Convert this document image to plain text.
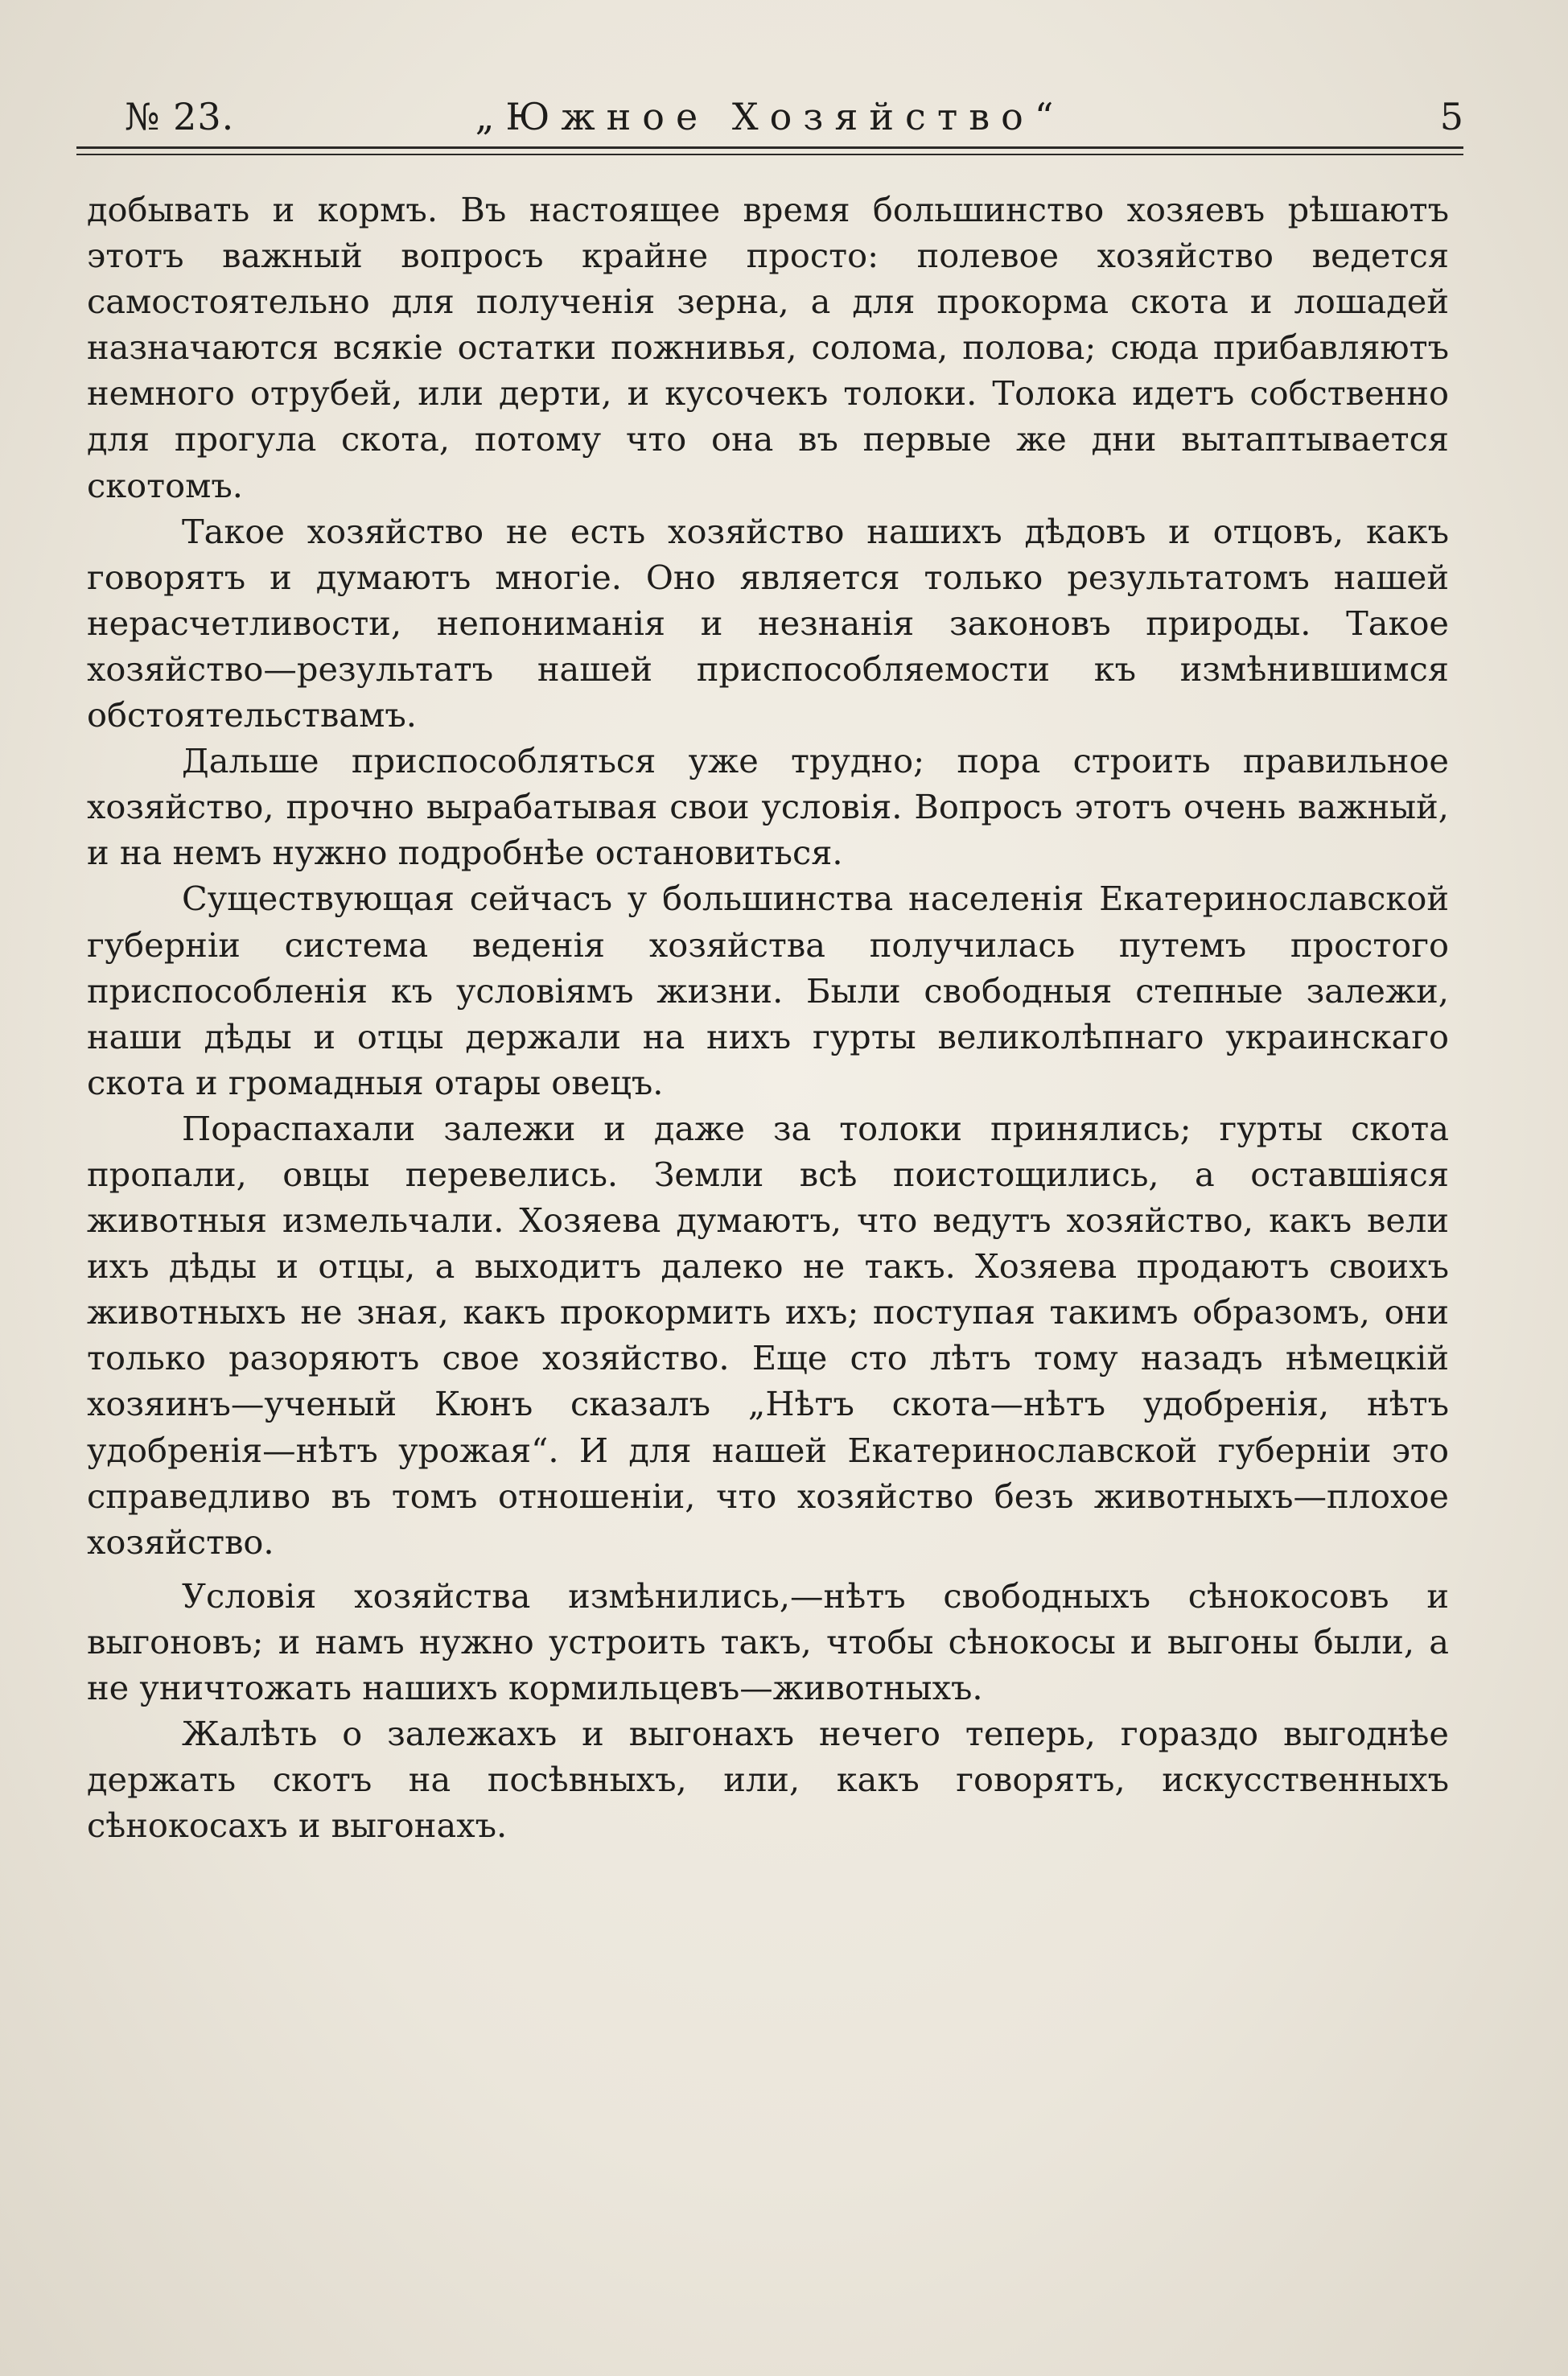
№ 23.	„Южное Хозяйство“	5

добывать и кормъ. Въ настоящее время большинство хозяевъ рѣшаютъ этотъ важный вопросъ крайне просто: полевое хозяйство ведется самостоятельно для полученія зерна, а для прокорма скота и лошадей назначаются всякіе остатки пожнивья, солома, полова; сюда прибавляютъ немного отрубей, или дерти, и кусочекъ толоки. Толока идетъ собственно для прогула скота, потому что она въ первые же дни вытаптывается скотомъ.

Такое хозяйство не есть хозяйство нашихъ дѣдовъ и отцовъ, какъ говорятъ и думаютъ многіе. Оно является только результатомъ нашей нерасчетливости, непониманія и незнанія законовъ природы. Такое хозяйство—результатъ нашей приспособляемости къ измѣнившимся обстоятельствамъ.

Дальше приспособляться уже трудно; пора строить правильное хозяйство, прочно вырабатывая свои условія. Вопросъ этотъ очень важный, и на немъ нужно подробнѣе остановиться.

Существующая сейчасъ у большинства населенія Екатеринославской губерніи система веденія хозяйства получилась путемъ простого приспособленія къ условіямъ жизни. Были свободныя степные залежи, наши дѣды и отцы держали на нихъ гурты великолѣпнаго украинскаго скота и громадныя отары овецъ.

Пораспахали залежи и даже за толоки принялись; гурты скота пропали, овцы перевелись. Земли всѣ поистощились, а оставшіяся животныя измельчали. Хозяева думаютъ, что ведутъ хозяйство, какъ вели ихъ дѣды и отцы, а выходитъ далеко не такъ. Хозяева продаютъ своихъ животныхъ не зная, какъ прокормить ихъ; поступая такимъ образомъ, они только разоряютъ свое хозяйство. Еще сто лѣтъ тому назадъ нѣмецкій хозяинъ—ученый Кюнъ сказалъ „Нѣтъ скота—нѣтъ удобренія, нѣтъ удобренія—нѣтъ урожая“. И для нашей Екатеринославской губерніи это справедливо въ томъ отношеніи, что хозяйство безъ животныхъ—плохое хозяйство.

Условія хозяйства измѣнились,—нѣтъ свободныхъ сѣнокосовъ и выгоновъ; и намъ нужно устроить такъ, чтобы сѣнокосы и выгоны были, а не уничтожать нашихъ кормильцевъ—животныхъ.

Жалѣть о залежахъ и выгонахъ нечего теперь, гораздо выгоднѣе держать скотъ на посѣвныхъ, или, какъ говорятъ, искусственныхъ сѣнокосахъ и выгонахъ.
